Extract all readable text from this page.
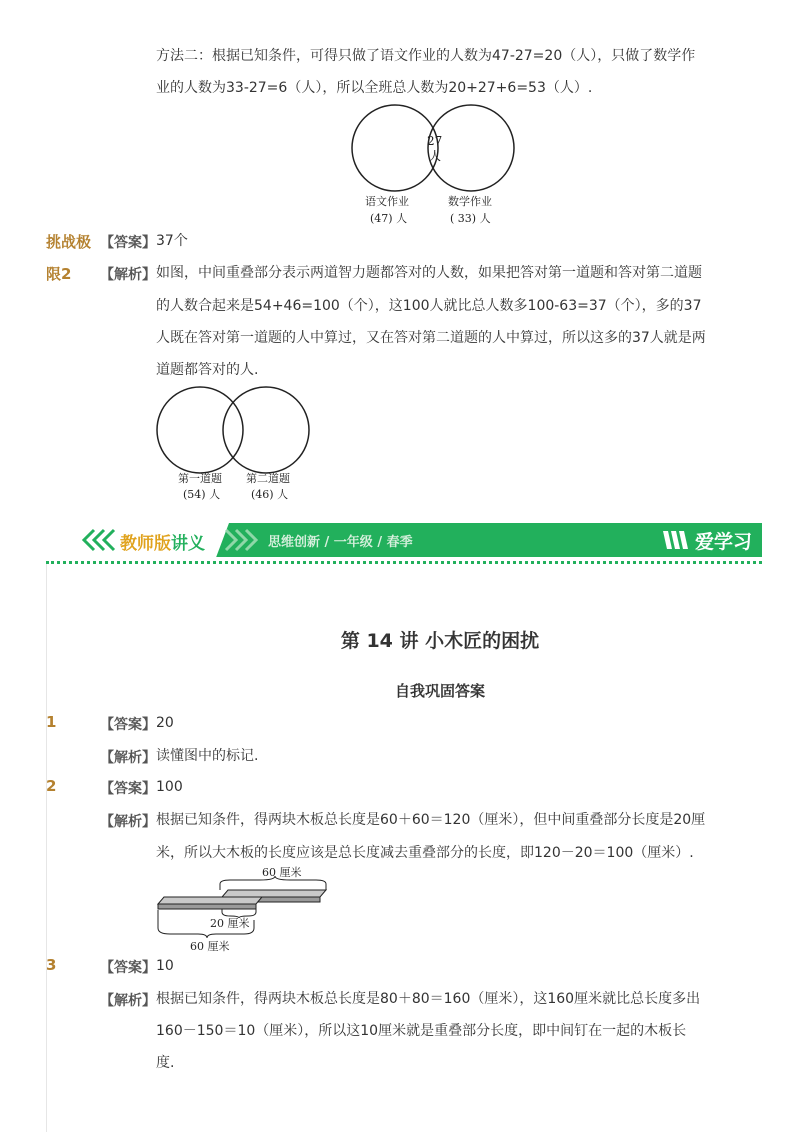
方法二：根据已知条件，可得只做了语文作业的人数为47-27=20（人），只做了数学作
业的人数为33-27=6（人），所以全班总人数为20+27+6=53（人）.
27
人
语文作业
(47) 人
数学作业
( 33) 人
挑战极 【答案】 37个
限2 【解析】 如图，中间重叠部分表示两道智力题都答对的人数，如果把答对第一道题和答对第二道题
的人数合起来是54+46=100（个），这100人就比总人数多100-63=37（个），多的37
人既在答对第一道题的人中算过，又在答对第二道题的人中算过，所以这多的37人就是两
道题都答对的人.
第一道题
(54) 人
第二道题
(46) 人
教师版讲义	思维创新 / 一年级 / 春季	爱学习
第 14 讲 小木匠的困扰
自我巩固答案
1	【答案】 20
【解析】 读懂图中的标记.
2	【答案】 100
【解析】 根据已知条件，得两块木板总长度是60＋60＝120（厘米），但中间重叠部分长度是20厘
米，所以大木板的长度应该是总长度减去重叠部分的长度，即120－20＝100（厘米）.
60 厘米
20 厘米
60 厘米
3	【答案】 10
【解析】 根据已知条件，得两块木板总长度是80＋80＝160（厘米），这160厘米就比总长度多出
160－150＝10（厘米），所以这10厘米就是重叠部分长度，即中间钉在一起的木板长
度.
